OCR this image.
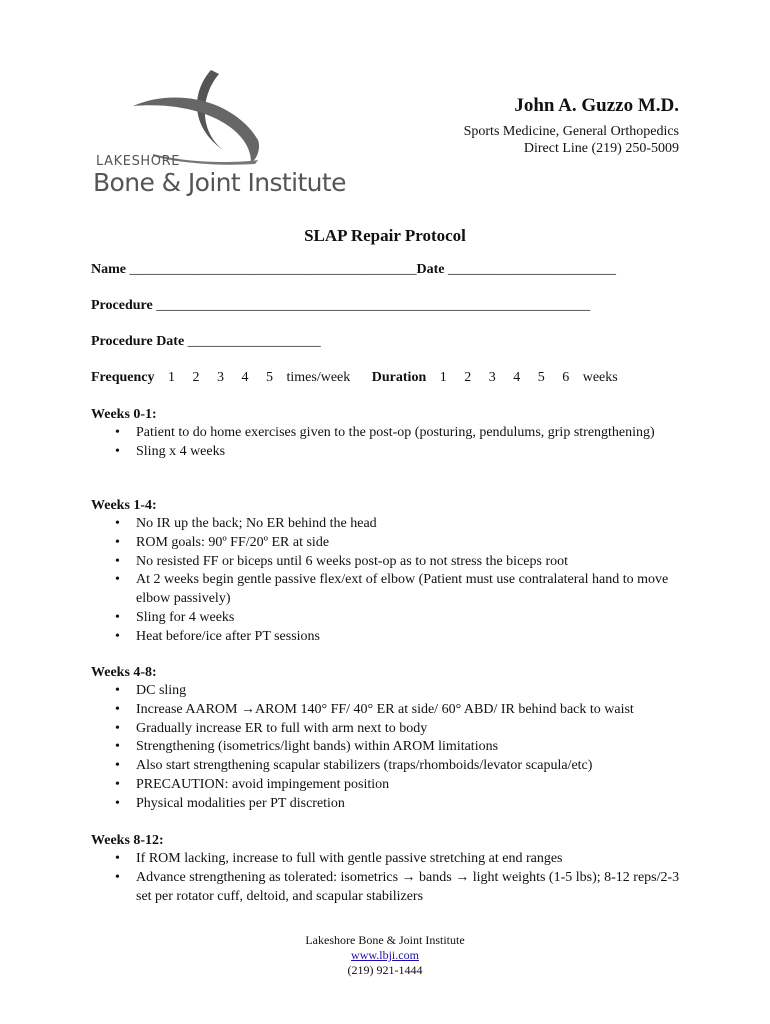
LAKESHORE
Bone & Joint Institute
John A. Guzzo M.D.
Sports Medicine, General Orthopedics
Direct Line (219) 250-5009
SLAP Repair Protocol
Name _________________________________________Date ________________________
Procedure ______________________________________________________________
Procedure Date ___________________
Frequency 1 2 3 4 5 times/week Duration 1 2 3 4 5 6 weeks
Weeks 0-1:
• Patient to do home exercises given to the post-op (posturing, pendulums, grip strengthening)
• Sling x 4 weeks
Weeks 1-4:
• No IR up the back; No ER behind the head
• ROM goals: 90º FF/20º ER at side
• No resisted FF or biceps until 6 weeks post-op as to not stress the biceps root
• At 2 weeks begin gentle passive flex/ext of elbow (Patient must use contralateral hand to move elbow passively)
• Sling for 4 weeks
• Heat before/ice after PT sessions
Weeks 4-8:
• DC sling
• Increase AAROM →AROM 140° FF/ 40° ER at side/ 60° ABD/ IR behind back to waist
• Gradually increase ER to full with arm next to body
• Strengthening (isometrics/light bands) within AROM limitations
• Also start strengthening scapular stabilizers (traps/rhomboids/levator scapula/etc)
• PRECAUTION: avoid impingement position
• Physical modalities per PT discretion
Weeks 8-12:
• If ROM lacking, increase to full with gentle passive stretching at end ranges
• Advance strengthening as tolerated: isometrics → bands → light weights (1-5 lbs); 8-12 reps/2-3 set per rotator cuff, deltoid, and scapular stabilizers
Lakeshore Bone & Joint Institute
www.lbji.com
(219) 921-1444
